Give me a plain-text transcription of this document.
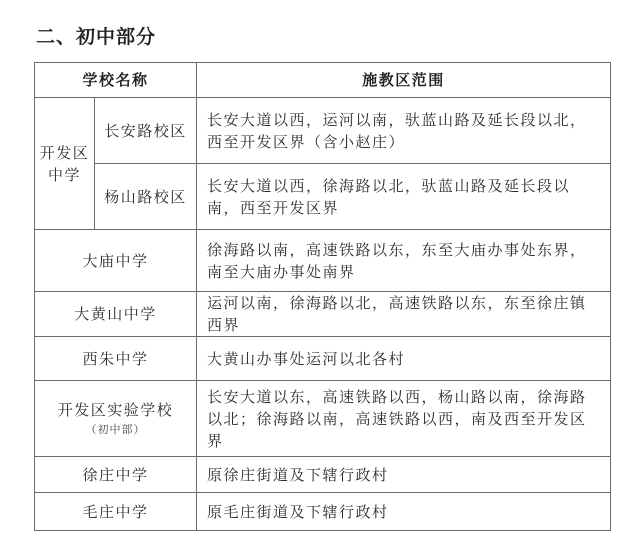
二、初中部分
学校名称		施教区范围

开发区
中学	长安路校区	长安大道以西，运河以南，驮蓝山路及延长段以北，西至开发区界（含小赵庄）
	杨山路校区	长安大道以西，徐海路以北，驮蓝山路及延长段以南，西至开发区界
大庙中学		徐海路以南，高速铁路以东，东至大庙办事处东界，南至大庙办事处南界
大黄山中学		运河以南，徐海路以北，高速铁路以东，东至徐庄镇西界
西朱中学		大黄山办事处运河以北各村

开发区实验学校
（初中部）		长安大道以东，高速铁路以西，杨山路以南，徐海路以北；徐海路以南，高速铁路以西，南及西至开发区界
徐庄中学		原徐庄街道及下辖行政村
毛庄中学		原毛庄街道及下辖行政村
